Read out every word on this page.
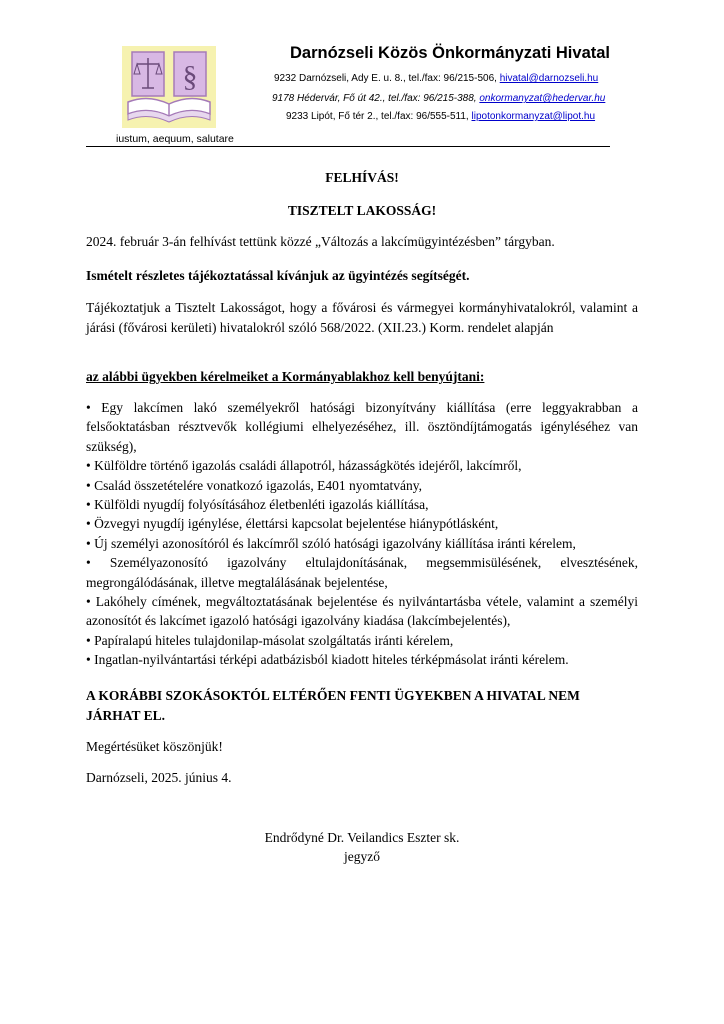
§
iustum, aequum, salutare
Darnózseli Közös Önkormányzati Hivatal
9232 Darnózseli, Ady E. u. 8., tel./fax: 96/215-506, hivatal@darnozseli.hu
9178 Hédervár, Fő út 42., tel./fax: 96/215-388, onkormanyzat@hedervar.hu
9233 Lipót, Fő tér 2., tel./fax: 96/555-511, lipotonkormanyzat@lipot.hu
FELHÍVÁS!
TISZTELT LAKOSSÁG!
2024. február 3-án felhívást tettünk közzé „Változás a lakcímügyintézésben” tárgyban.
Ismételt részletes tájékoztatással kívánjuk az ügyintézés segítségét.
Tájékoztatjuk a Tisztelt Lakosságot, hogy a fővárosi és vármegyei kormányhivatalokról, valamint a járási (fővárosi kerületi) hivatalokról szóló 568/2022. (XII.23.) Korm. rendelet alapján
az alábbi ügyekben kérelmeiket a Kormányablakhoz kell benyújtani:

• Egy lakcímen lakó személyekről hatósági bizonyítvány kiállítása (erre leggyakrabban a felsőoktatásban résztvevők kollégiumi elhelyezéséhez, ill. ösztöndíjtámogatás igényléséhez van szükség),

• Külföldre történő igazolás családi állapotról, házasságkötés idejéről, lakcímről,

• Család összetételére vonatkozó igazolás, E401 nyomtatvány,

• Külföldi nyugdíj folyósításához életbenléti igazolás kiállítása,

• Özvegyi nyugdíj igénylése, élettársi kapcsolat bejelentése hiánypótlásként,

• Új személyi azonosítóról és lakcímről szóló hatósági igazolvány kiállítása iránti kérelem,

• Személyazonosító igazolvány eltulajdonításának, megsemmisülésének, elvesztésének, megrongálódásának, illetve megtalálásának bejelentése,

• Lakóhely címének, megváltoztatásának bejelentése és nyilvántartásba vétele, valamint a személyi azonosítót és lakcímet igazoló hatósági igazolvány kiadása (lakcímbejelentés),

• Papíralapú hiteles tulajdonilap-másolat szolgáltatás iránti kérelem,

• Ingatlan-nyilvántartási térképi adatbázisból kiadott hiteles térképmásolat iránti kérelem.

A KORÁBBI SZOKÁSOKTÓL ELTÉRŐEN FENTI ÜGYEKBEN A HIVATAL NEM JÁRHAT EL.
Megértésüket köszönjük!
Darnózseli, 2025. június 4.
Endrődyné Dr. Veilandics Eszter sk.
jegyző
